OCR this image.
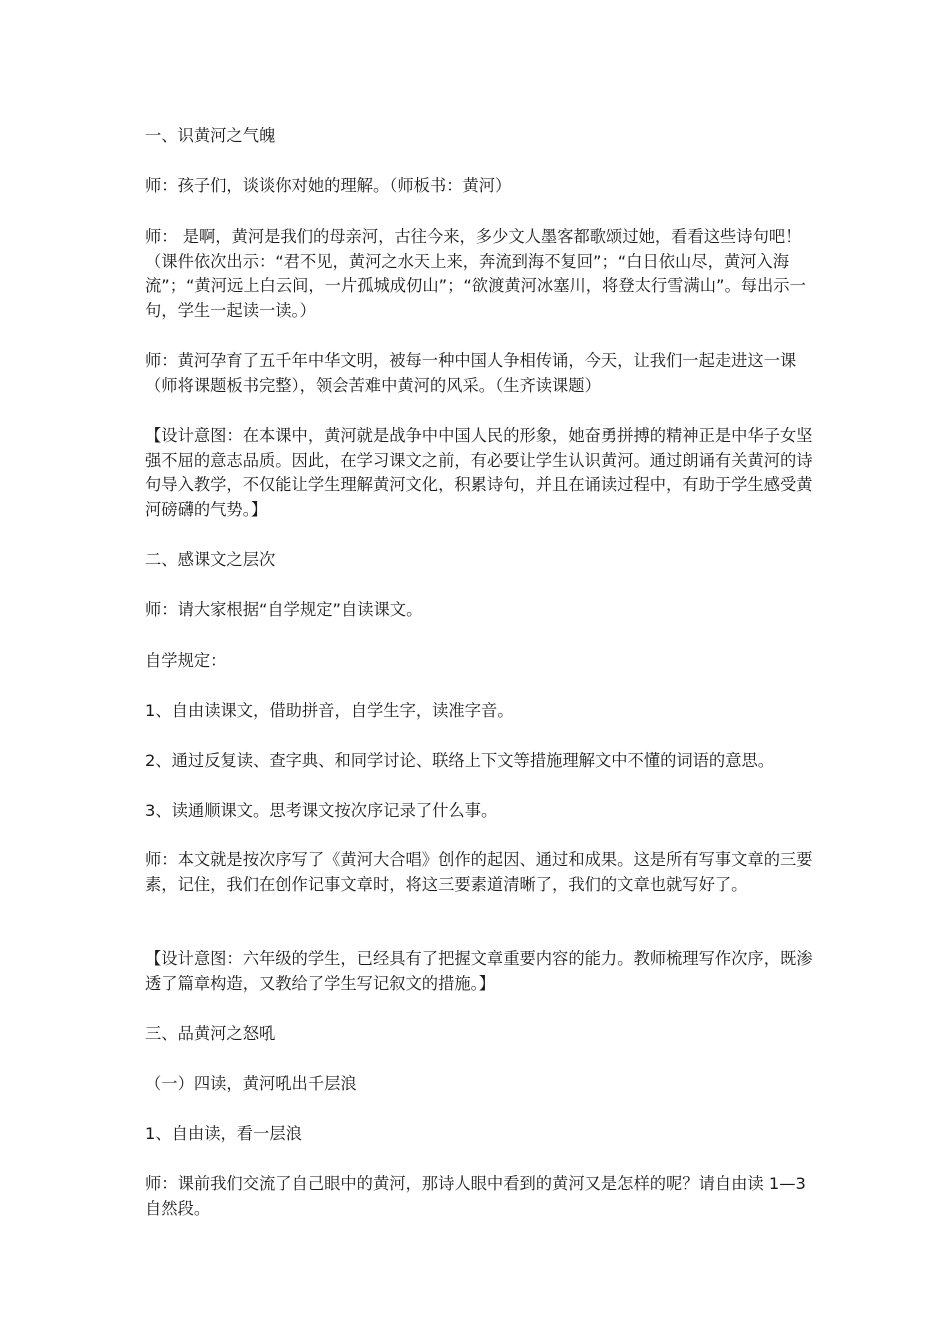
一、识黄河之气魄

师：孩子们，谈谈你对她的理解。（师板书：黄河）

师： 是啊，黄河是我们的母亲河，古往今来，多少文人墨客都歌颂过她，看看这些诗句吧！（课件依次出示：“君不见，黄河之水天上来，奔流到海不复回”；“白日依山尽，黄河入海流”；“黄河远上白云间，一片孤城成仞山”；“欲渡黄河冰塞川，将登太行雪满山”。每出示一句，学生一起读一读。）

师：黄河孕育了五千年中华文明，被每一种中国人争相传诵，今天，让我们一起走进这一课（师将课题板书完整），领会苦难中黄河的风采。（生齐读课题）

【设计意图：在本课中，黄河就是战争中中国人民的形象，她奋勇拼搏的精神正是中华子女坚强不屈的意志品质。因此，在学习课文之前，有必要让学生认识黄河。通过朗诵有关黄河的诗句导入教学，不仅能让学生理解黄河文化，积累诗句，并且在诵读过程中，有助于学生感受黄河磅礴的气势。】

二、感课文之层次

师：请大家根据“自学规定”自读课文。

自学规定：

1、自由读课文，借助拼音，自学生字，读准字音。

2、通过反复读、查字典、和同学讨论、联络上下文等措施理解文中不懂的词语的意思。

3、读通顺课文。思考课文按次序记录了什么事。

师：本文就是按次序写了《黄河大合唱》创作的起因、通过和成果。这是所有写事文章的三要素，记住，我们在创作记事文章时，将这三要素道清晰了，我们的文章也就写好了。

【设计意图：六年级的学生，已经具有了把握文章重要内容的能力。教师梳理写作次序，既渗透了篇章构造，又教给了学生写记叙文的措施。】

三、品黄河之怒吼

（一）四读，黄河吼出千层浪

1、自由读，看一层浪

师：课前我们交流了自己眼中的黄河，那诗人眼中看到的黄河又是怎样的呢？请自由读 1—3 自然段。
